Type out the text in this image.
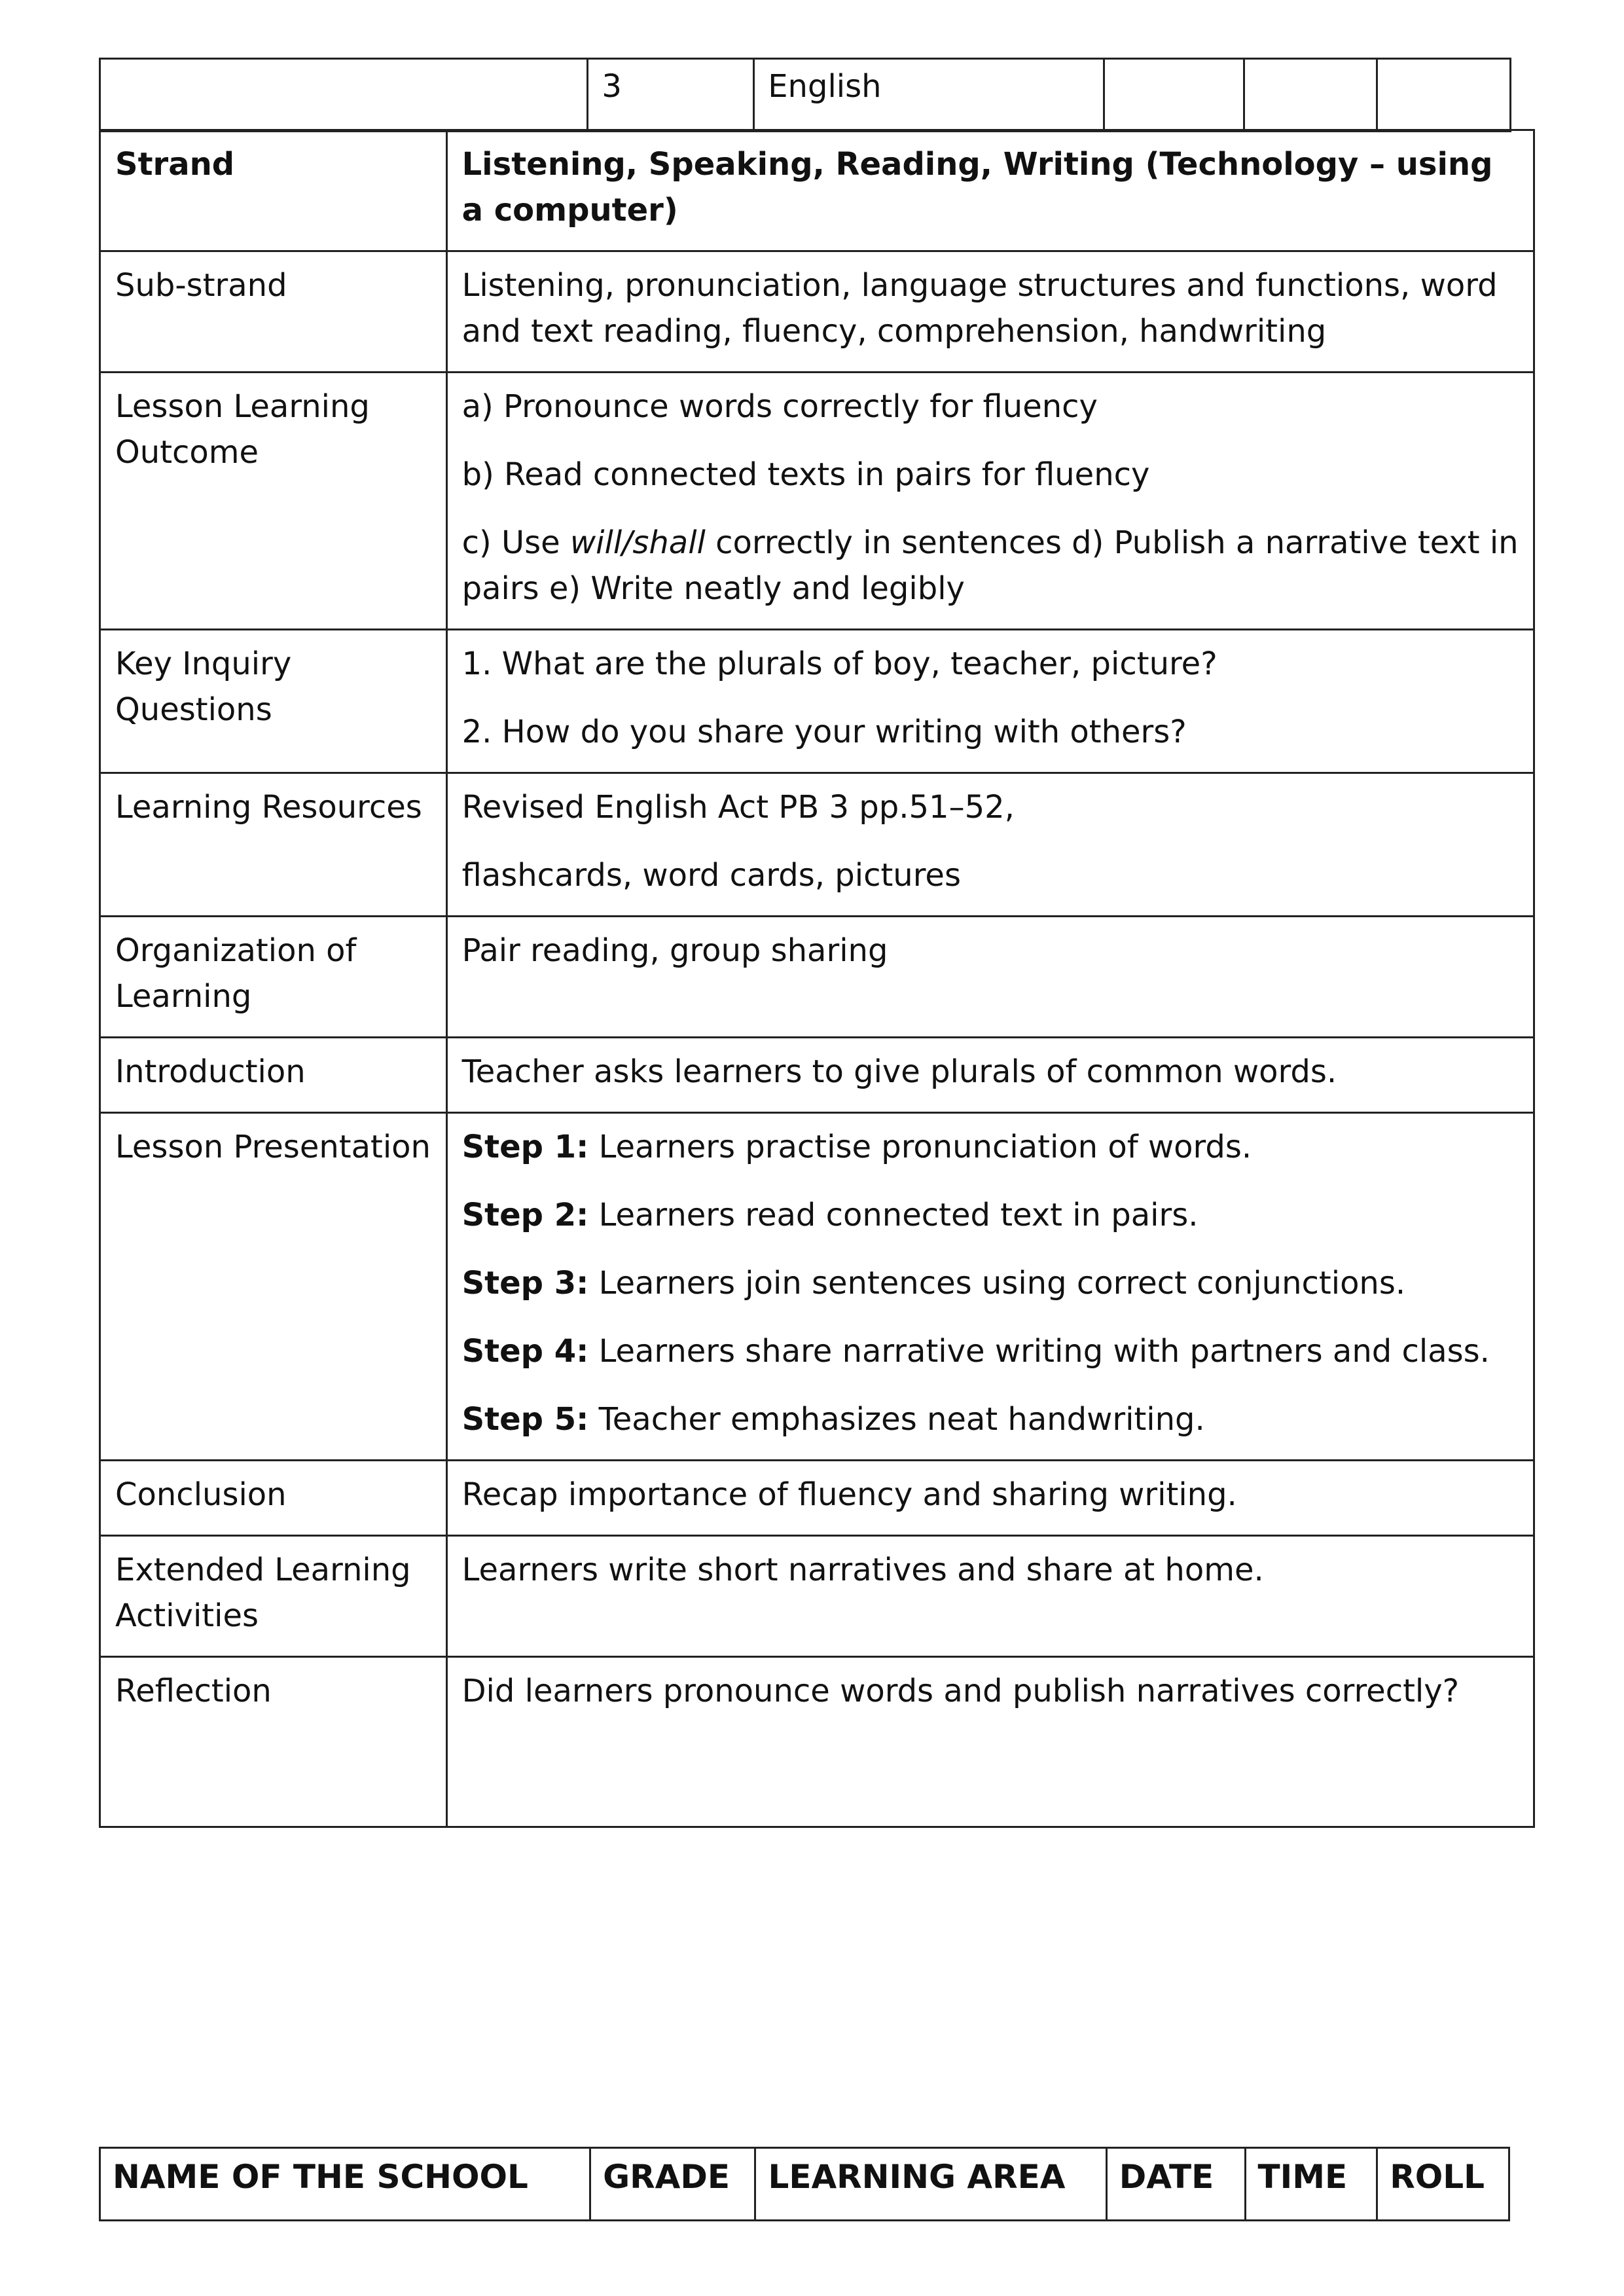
	3	English			
Strand	Listening, Speaking, Reading, Writing (Technology – using a computer)
Sub-strand	Listening, pronunciation, language structures and functions, word and text reading, fluency, comprehension, handwriting
Lesson Learning Outcome	a) Pronounce words correctly for fluency

b) Read connected texts in pairs for fluency

c) Use will/shall correctly in sentences d) Publish a narrative text in pairs e) Write neatly and legibly

Key Inquiry Questions	1. What are the plurals of boy, teacher, picture?

2. How do you share your writing with others?

Learning Resources	Revised English Act PB 3 pp.51–52,

flashcards, word cards, pictures

Organization of Learning	Pair reading, group sharing
Introduction	Teacher asks learners to give plurals of common words.
Lesson Presentation	Step 1: Learners practise pronunciation of words.

Step 2: Learners read connected text in pairs.

Step 3: Learners join sentences using correct conjunctions.

Step 4: Learners share narrative writing with partners and class.

Step 5: Teacher emphasizes neat handwriting.

Conclusion	Recap importance of fluency and sharing writing.
Extended Learning Activities	Learners write short narratives and share at home.
Reflection	Did learners pronounce words and publish narratives correctly?
NAME OF THE SCHOOL	GRADE	LEARNING AREA	DATE	TIME	ROLL
